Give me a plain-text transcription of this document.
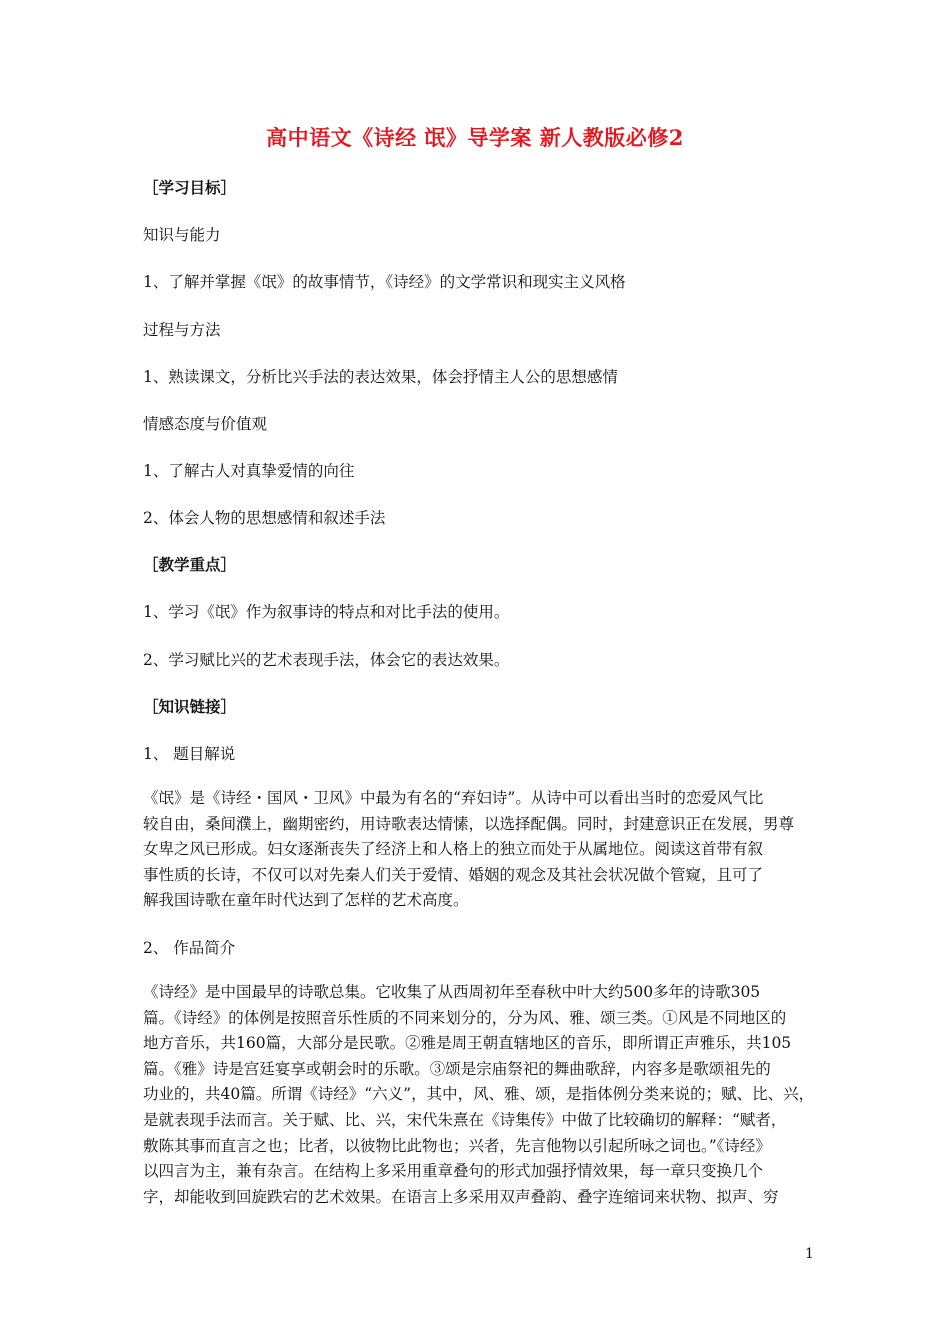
高中语文《诗经 氓》导学案 新人教版必修2
［学习目标］
知识与能力
1、了解并掌握《氓》的故事情节，《诗经》的文学常识和现实主义风格
过程与方法
1、熟读课文，分析比兴手法的表达效果，体会抒情主人公的思想感情
情感态度与价值观
1、了解古人对真挚爱情的向往
2、体会人物的思想感情和叙述手法
［教学重点］
1、学习《氓》作为叙事诗的特点和对比手法的使用。
2、学习赋比兴的艺术表现手法，体会它的表达效果。
［知识链接］
1、 题目解说
《氓》是《诗经・国风・卫风》中最为有名的“弃妇诗”。从诗中可以看出当时的恋爱风气比
较自由，桑间濮上，幽期密约，用诗歌表达情愫，以选择配偶。同时，封建意识正在发展，男尊
女卑之风已形成。妇女逐渐丧失了经济上和人格上的独立而处于从属地位。阅读这首带有叙
事性质的长诗，不仅可以对先秦人们关于爱情、婚姻的观念及其社会状况做个管窥，且可了
解我国诗歌在童年时代达到了怎样的艺术高度。
2、 作品简介
《诗经》是中国最早的诗歌总集。它收集了从西周初年至春秋中叶大约500多年的诗歌305
篇。《诗经》的体例是按照音乐性质的不同来划分的，分为风、雅、颂三类。①风是不同地区的
地方音乐，共160篇，大部分是民歌。②雅是周王朝直辖地区的音乐，即所谓正声雅乐，共105
篇。《雅》诗是宫廷宴享或朝会时的乐歌。③颂是宗庙祭祀的舞曲歌辞，内容多是歌颂祖先的
功业的，共40篇。所谓《诗经》“六义”，其中，风、雅、颂，是指体例分类来说的；赋、比、兴，
是就表现手法而言。关于赋、比、兴，宋代朱熹在《诗集传》中做了比较确切的解释：“赋者，
敷陈其事而直言之也；比者，以彼物比此物也；兴者，先言他物以引起所咏之词也。”《诗经》
以四言为主，兼有杂言。在结构上多采用重章叠句的形式加强抒情效果，每一章只变换几个
字，却能收到回旋跌宕的艺术效果。在语言上多采用双声叠韵、叠字连缩词来状物、拟声、穷
1
